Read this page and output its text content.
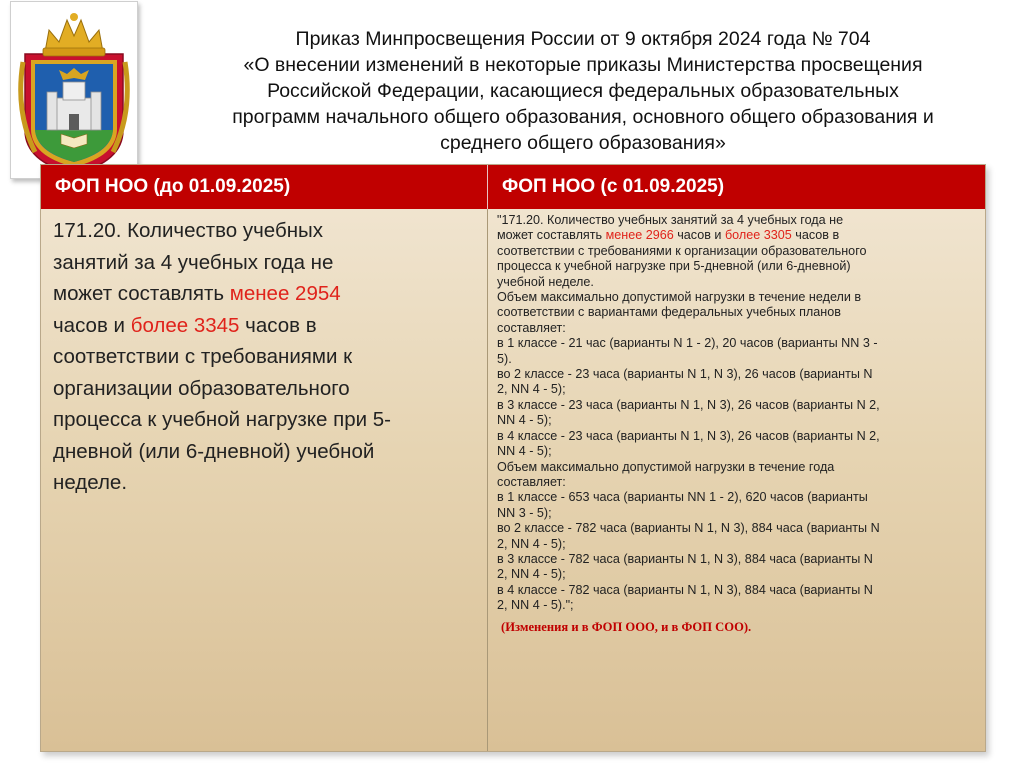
Приказ Минпросвещения России от 9 октября 2024 года № 704
«О внесении изменений в некоторые приказы Министерства просвещения
Российской Федерации, касающиеся федеральных образовательных
программ начального общего образования, основного общего образования и
среднего общего образования»
ФОП НОО (до 01.09.2025)	ФОП НОО (с 01.09.2025)
171.20. Количество учебных
занятий за 4 учебных года не
может составлять менее 2954
часов и более 3345 часов в
соответствии с требованиями к
организации образовательного
процесса к учебной нагрузке при 5-
дневной (или 6-дневной) учебной
неделе.
"171.20. Количество учебных занятий за 4 учебных года не
может составлять менее 2966 часов и более 3305 часов в
соответствии с требованиями к организации образовательного
процесса к учебной нагрузке при 5-дневной (или 6-дневной)
учебной неделе.
Объем максимально допустимой нагрузки в течение недели в
соответствии с вариантами федеральных учебных планов
составляет:
в 1 классе - 21 час (варианты N 1 - 2), 20 часов (варианты NN 3 -
5).
во 2 классе - 23 часа (варианты N 1, N 3), 26 часов (варианты N
2, NN 4 - 5);
в 3 классе - 23 часа (варианты N 1, N 3), 26 часов (варианты N 2,
NN 4 - 5);
в 4 классе - 23 часа (варианты N 1, N 3), 26 часов (варианты N 2,
NN 4 - 5);
Объем максимально допустимой нагрузки в течение года
составляет:
в 1 классе - 653 часа (варианты NN 1 - 2), 620 часов (варианты
NN 3 - 5);
во 2 классе - 782 часа (варианты N 1, N 3), 884 часа (варианты N
2, NN 4 - 5);
в 3 классе - 782 часа (варианты N 1, N 3), 884 часа (варианты N
2, NN 4 - 5);
в 4 классе - 782 часа (варианты N 1, N 3), 884 часа (варианты N
2, NN 4 - 5).";
(Изменения и в ФОП ООО, и в ФОП СОО).
